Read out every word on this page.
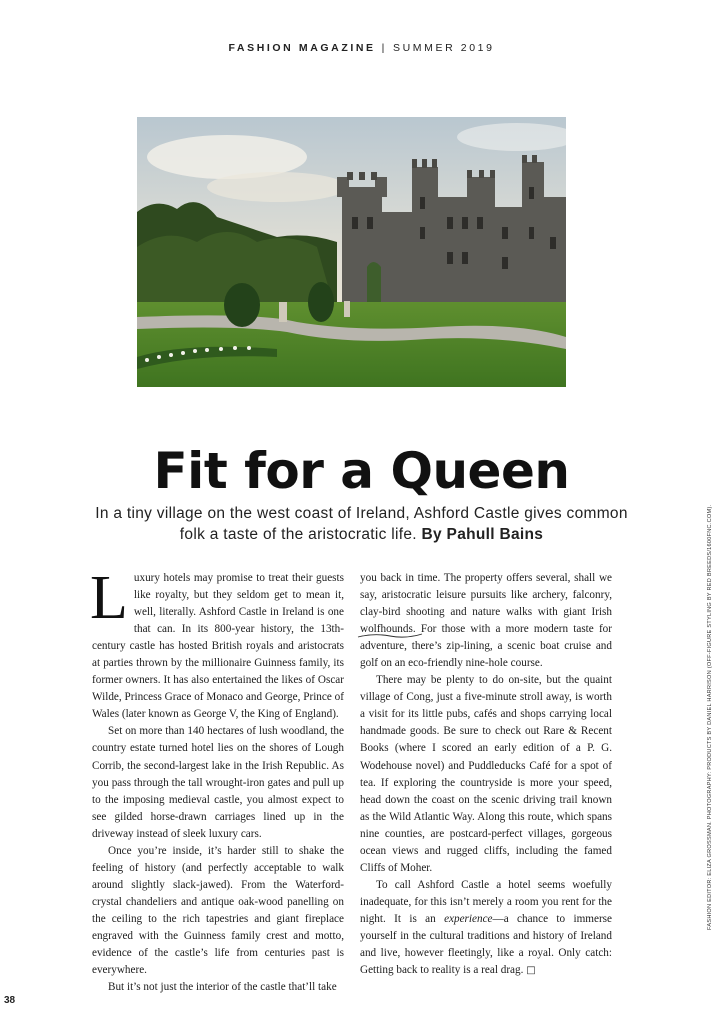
FASHION MAGAZINE | SUMMER 2019
Fit for a Queen
In a tiny village on the west coast of Ireland, Ashford Castle gives common folk a taste of the aristocratic life. By Pahull Bains

Luxury hotels may promise to treat their guests like royalty, but they seldom get to mean it, well, literally. Ashford Castle in Ireland is one that can. In its 800-year history, the 13th-century castle has hosted British royals and aristocrats at parties thrown by the millionaire Guinness family, its former owners. It has also entertained the likes of Oscar Wilde, Princess Grace of Monaco and George, Prince of Wales (later known as George V, the King of England).

Set on more than 140 hectares of lush woodland, the country estate turned hotel lies on the shores of Lough Corrib, the second-largest lake in the Irish Republic. As you pass through the tall wrought-iron gates and pull up to the imposing medieval castle, you almost expect to see gilded horse-drawn carriages lined up in the driveway instead of sleek luxury cars.

Once you’re inside, it’s harder still to shake the feeling of history (and perfectly acceptable to walk around slightly slack-jawed). From the Waterford-crystal chandeliers and antique oak-wood panelling on the ceiling to the rich tapestries and giant fireplace engraved with the Guinness family crest and motto, evidence of the castle’s life from centuries past is everywhere.

But it’s not just the interior of the castle that’ll take

you back in time. The property offers several, shall we say, aristocratic leisure pursuits like archery, falconry, clay-bird shooting and nature walks with giant Irish wolfhounds
. For those with a more modern taste for adventure, there’s zip-lining, a scenic boat cruise and golf on an eco-friendly nine-hole course.

There may be plenty to do on-site, but the quaint village of Cong, just a five-minute stroll away, is worth a visit for its little pubs, cafés and shops carrying local handmade goods. Be sure to check out Rare & Recent Books (where I scored an early edition of a P. G. Wodehouse novel) and Puddleducks Café for a spot of tea. If exploring the countryside is more your speed, head down the coast on the scenic driving trail known as the Wild Atlantic Way. Along this route, which spans nine counties, are postcard-perfect villages, gorgeous ocean views and rugged cliffs, including the famed Cliffs of Moher.

To call Ashford Castle a hotel seems woefully inadequate, for this isn’t merely a room you rent for the night. It is an experience—a chance to immerse yourself in the cultural traditions and history of Ireland and live, however fleetingly, like a royal. Only catch: Getting back to reality is a real drag. □

FASHION EDITOR: ELIZA GROSSMAN. PHOTOGRAPHY: PRODUCTS BY DANIEL HARRISON (OFF-FIGURE STYLING BY RED BREEDS/1600FNC.COM).
38
